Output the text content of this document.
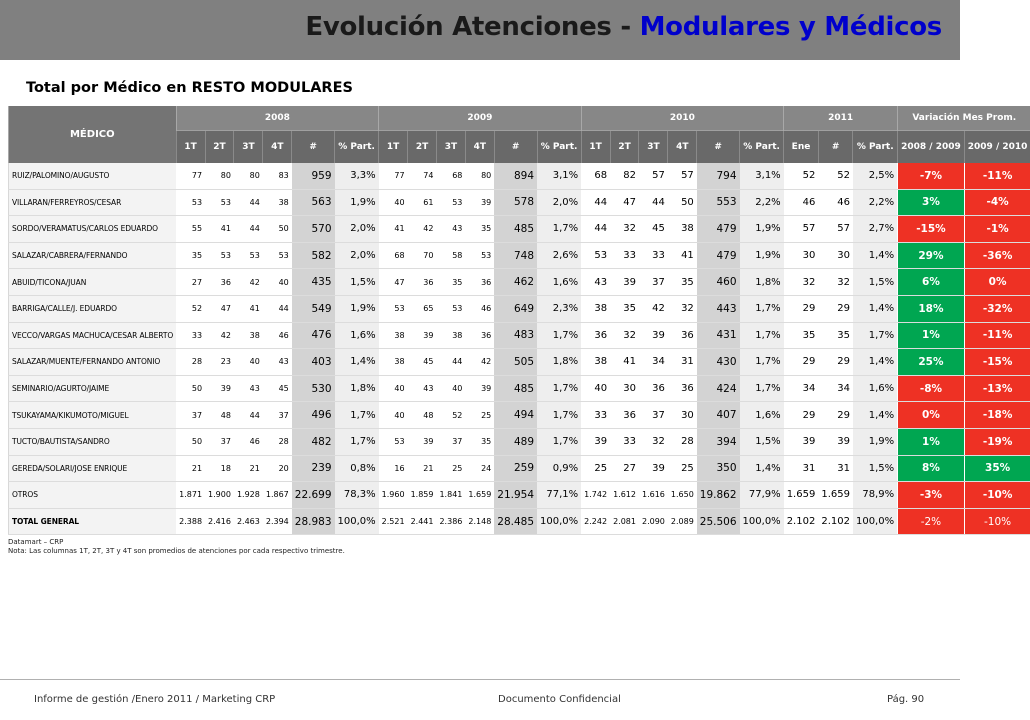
Evolución Atenciones - Modulares y Médicos
Total por Médico en RESTO MODULARES
MÉDICO	2008						2009						2010						2011			Variación Mes Prom.	
	1T	2T	3T	4T	#	% Part.	1T	2T	3T	4T	#	% Part.	1T	2T	3T	4T	#	% Part.	Ene	#	% Part.	2008 / 2009	2009 / 2010
RUIZ/PALOMINO/AUGUSTO	77	80	80	83	959	3,3%	77	74	68	80	894	3,1%	68	82	57	57	794	3,1%	52	52	2,5%	-7%	-11%
VILLARAN/FERREYROS/CESAR	53	53	44	38	563	1,9%	40	61	53	39	578	2,0%	44	47	44	50	553	2,2%	46	46	2,2%	3%	-4%
SORDO/VERAMATUS/CARLOS EDUARDO	55	41	44	50	570	2,0%	41	42	43	35	485	1,7%	44	32	45	38	479	1,9%	57	57	2,7%	-15%	-1%
SALAZAR/CABRERA/FERNANDO	35	53	53	53	582	2,0%	68	70	58	53	748	2,6%	53	33	33	41	479	1,9%	30	30	1,4%	29%	-36%
ABUID/TICONA/JUAN	27	36	42	40	435	1,5%	47	36	35	36	462	1,6%	43	39	37	35	460	1,8%	32	32	1,5%	6%	0%
BARRIGA/CALLE/J. EDUARDO	52	47	41	44	549	1,9%	53	65	53	46	649	2,3%	38	35	42	32	443	1,7%	29	29	1,4%	18%	-32%
VECCO/VARGAS MACHUCA/CESAR ALBERTO	33	42	38	46	476	1,6%	38	39	38	36	483	1,7%	36	32	39	36	431	1,7%	35	35	1,7%	1%	-11%
SALAZAR/MUENTE/FERNANDO ANTONIO	28	23	40	43	403	1,4%	38	45	44	42	505	1,8%	38	41	34	31	430	1,7%	29	29	1,4%	25%	-15%
SEMINARIO/AGURTO/JAIME	50	39	43	45	530	1,8%	40	43	40	39	485	1,7%	40	30	36	36	424	1,7%	34	34	1,6%	-8%	-13%
TSUKAYAMA/KIKUMOTO/MIGUEL	37	48	44	37	496	1,7%	40	48	52	25	494	1,7%	33	36	37	30	407	1,6%	29	29	1,4%	0%	-18%
TUCTO/BAUTISTA/SANDRO	50	37	46	28	482	1,7%	53	39	37	35	489	1,7%	39	33	32	28	394	1,5%	39	39	1,9%	1%	-19%
GEREDA/SOLARI/JOSE ENRIQUE	21	18	21	20	239	0,8%	16	21	25	24	259	0,9%	25	27	39	25	350	1,4%	31	31	1,5%	8%	35%
OTROS	1.871	1.900	1.928	1.867	22.699	78,3%	1.960	1.859	1.841	1.659	21.954	77,1%	1.742	1.612	1.616	1.650	19.862	77,9%	1.659	1.659	78,9%	-3%	-10%
TOTAL GENERAL	2.388	2.416	2.463	2.394	28.983	100,0%	2.521	2.441	2.386	2.148	28.485	100,0%	2.242	2.081	2.090	2.089	25.506	100,0%	2.102	2.102	100,0%	-2%	-10%
Datamart – CRP
Nota: Las columnas 1T, 2T, 3T y 4T son promedios de atenciones por cada respectivo trimestre.
Informe de gestión /Enero 2011 / Marketing CRP	Documento Confidencial	Pág. 90
